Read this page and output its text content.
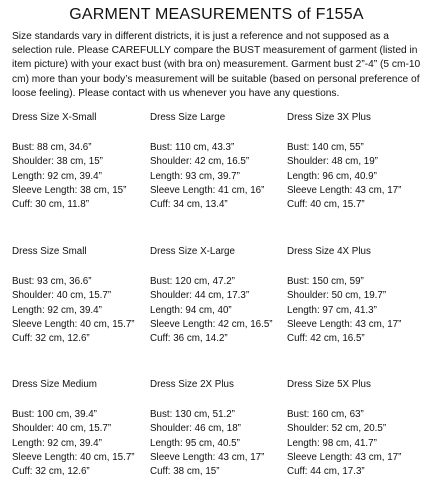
GARMENT MEASUREMENTS of F155A
Size standards vary in different districts, it is just a reference and not supposed as a selection rule. Please CAREFULLY compare the BUST measurement of garment (listed in item picture) with your exact bust (with bra on) measurement. Garment bust 2”-4” (5 cm-10 cm) more than your body’s measurement will be suitable (based on personal preference of loose feeling). Please contact with us whenever you have any questions.
Dress Size X-Small
Bust: 88 cm, 34.6”
Shoulder: 38 cm, 15”
Length: 92 cm, 39.4”
Sleeve Length: 38 cm, 15”
Cuff: 30 cm, 11.8”
Dress Size Large
Bust: 110 cm, 43.3”
Shoulder: 42 cm, 16.5”
Length: 93 cm, 39.7”
Sleeve Length: 41 cm, 16”
Cuff: 34 cm, 13.4”
Dress Size 3X Plus
Bust: 140 cm, 55”
Shoulder: 48 cm, 19”
Length: 96 cm, 40.9”
Sleeve Length: 43 cm, 17”
Cuff: 40 cm, 15.7”
Dress Size Small
Bust: 93 cm, 36.6”
Shoulder: 40 cm, 15.7”
Length: 92 cm, 39.4”
Sleeve Length: 40 cm, 15.7”
Cuff: 32 cm, 12.6”
Dress Size X-Large
Bust: 120 cm, 47.2”
Shoulder: 44 cm, 17.3”
Length: 94 cm, 40”
Sleeve Length: 42 cm, 16.5”
Cuff: 36 cm, 14.2”
Dress Size 4X Plus
Bust: 150 cm, 59”
Shoulder: 50 cm, 19.7”
Length: 97 cm, 41.3”
Sleeve Length: 43 cm, 17”
Cuff: 42 cm, 16.5”
Dress Size Medium
Bust: 100 cm, 39.4”
Shoulder: 40 cm, 15.7”
Length: 92 cm, 39.4”
Sleeve Length: 40 cm, 15.7”
Cuff: 32 cm, 12.6”
Dress Size 2X Plus
Bust: 130 cm, 51.2”
Shoulder: 46 cm, 18”
Length: 95 cm, 40.5”
Sleeve Length: 43 cm, 17”
Cuff: 38 cm, 15”
Dress Size 5X Plus
Bust: 160 cm, 63”
Shoulder: 52 cm, 20.5”
Length: 98 cm, 41.7”
Sleeve Length: 43 cm, 17”
Cuff: 44 cm, 17.3”
